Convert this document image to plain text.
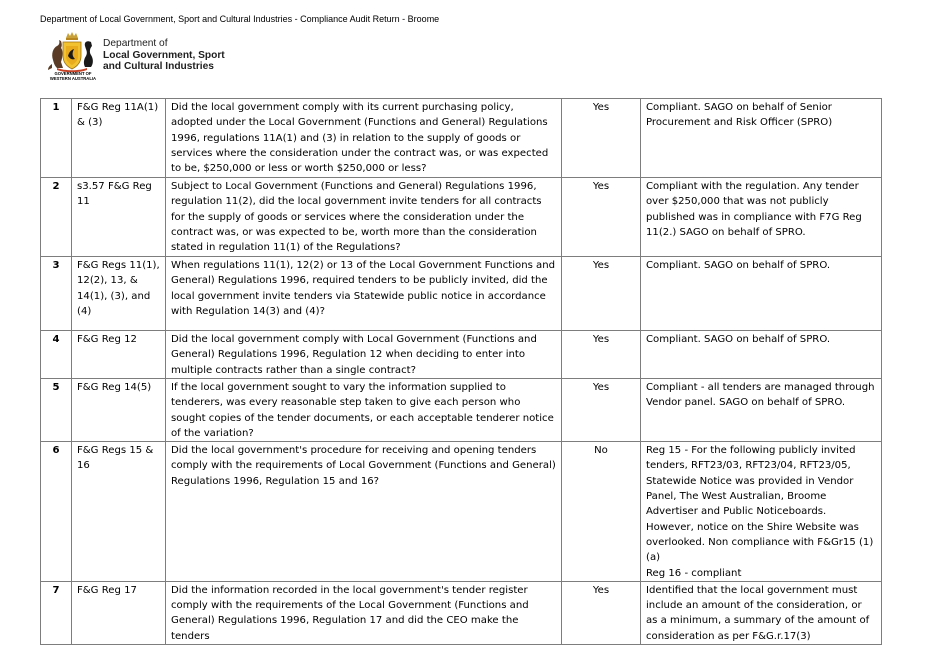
Department of Local Government, Sport and Cultural Industries - Compliance Audit Return - Broome
GOVERNMENT OF
WESTERN AUSTRALIA
Department of
Local Government, Sport
and Cultural Industries
1	F&G Reg 11A(1) & (3)	Did the local government comply with its current purchasing policy, adopted under the Local Government (Functions and General) Regulations 1996, regulations 11A(1) and (3) in relation to the supply of goods or services where the consideration under the contract was, or was expected to be, $250,000 or less or worth $250,000 or less?	Yes	Compliant. SAGO on behalf of Senior Procurement and Risk Officer (SPRO)
2	s3.57 F&G Reg 11	Subject to Local Government (Functions and General) Regulations 1996, regulation 11(2), did the local government invite tenders for all contracts for the supply of goods or services where the consideration under the contract was, or was expected to be, worth more than the consideration stated in regulation 11(1) of the Regulations?	Yes	Compliant with the regulation. Any tender over $250,000 that was not publicly published was in compliance with F7G Reg 11(2.) SAGO on behalf of SPRO.
3	F&G Regs 11(1), 12(2), 13, & 14(1), (3), and (4)	When regulations 11(1), 12(2) or 13 of the Local Government Functions and General) Regulations 1996, required tenders to be publicly invited, did the local government invite tenders via Statewide public notice in accordance with Regulation 14(3) and (4)?	Yes	Compliant. SAGO on behalf of SPRO.
4	F&G Reg 12	Did the local government comply with Local Government (Functions and General) Regulations 1996, Regulation 12 when deciding to enter into multiple contracts rather than a single contract?	Yes	Compliant. SAGO on behalf of SPRO.
5	F&G Reg 14(5)	If the local government sought to vary the information supplied to tenderers, was every reasonable step taken to give each person who sought copies of the tender documents, or each acceptable tenderer notice of the variation?	Yes	Compliant - all tenders are managed through Vendor panel. SAGO on behalf of SPRO.
6	F&G Regs 15 & 16	Did the local government's procedure for receiving and opening tenders comply with the requirements of Local Government (Functions and General) Regulations 1996, Regulation 15 and 16?	No	Reg 15 - For the following publicly invited tenders, RFT23/03, RFT23/04, RFT23/05, Statewide Notice was provided in Vendor Panel, The West Australian, Broome Advertiser and Public Noticeboards. However, notice on the Shire Website was overlooked. Non compliance with F&Gr15 (1)(a)
Reg 16 - compliant
7	F&G Reg 17	Did the information recorded in the local government's tender register comply with the requirements of the Local Government (Functions and General) Regulations 1996, Regulation 17 and did the CEO make the tenders	Yes	Identified that the local government must include an amount of the consideration, or as a minimum, a summary of the amount of consideration as per F&G.r.17(3)
